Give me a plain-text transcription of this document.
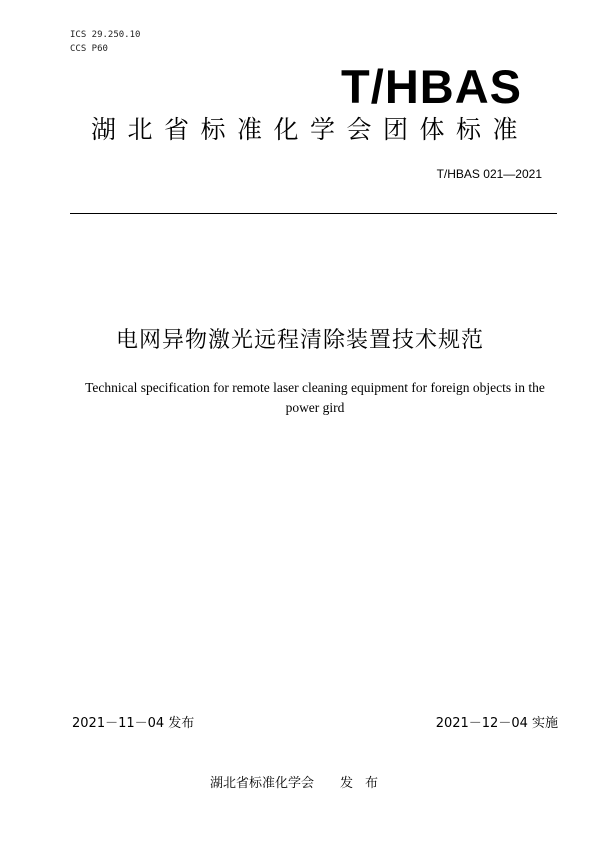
ICS 29.250.10
CCS P60
T/HBAS
湖北省标准化学会团体标准
T/HBAS 021—2021
电网异物激光远程清除装置技术规范
Technical specification for remote laser cleaning equipment for foreign objects in the power gird
2021－11－04 发布	2021－12－04 实施
湖北省标准化学会 发布
